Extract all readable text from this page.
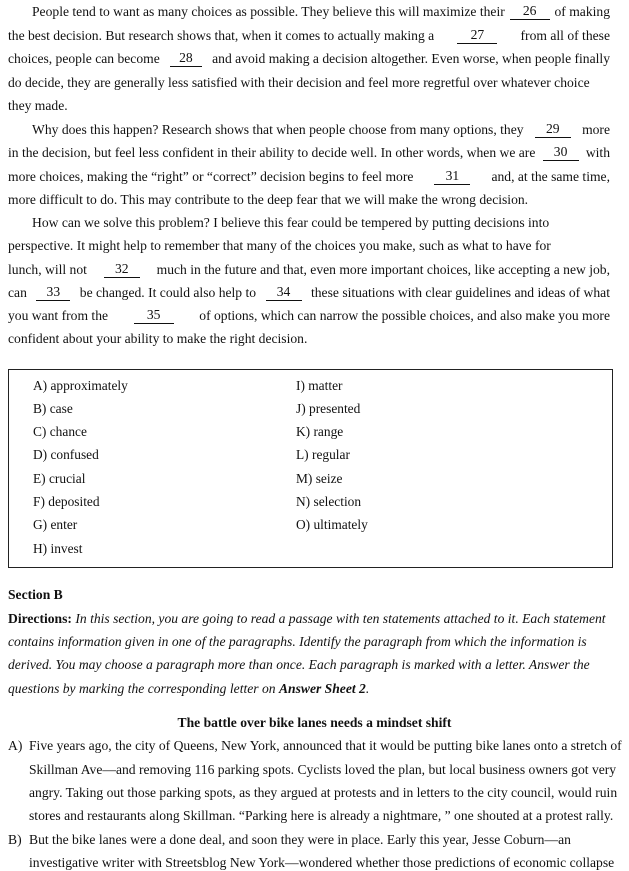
People tend to want as many choices as possible. They believe this will maximize their	26	of making
the best decision. But research shows that, when it comes to actually making a	27	from all of these
choices, people can become	28	and avoid making a decision altogether. Even worse, when people finally
do decide, they are generally less satisfied with their decision and feel more regretful over whatever choice
they made.
Why does this happen? Research shows that when people choose from many options, they	29	more
in the decision, but feel less confident in their ability to decide well. In other words, when we are	30	with
more choices, making the “right” or “correct” decision begins to feel more	31	and, at the same time,
more difficult to do. This may contribute to the deep fear that we will make the wrong decision.
How can we solve this problem? I believe this fear could be tempered by putting decisions into
perspective. It might help to remember that many of the choices you make, such as what to have for
lunch, will not	32	much in the future and that, even more important choices, like accepting a new job,
can	33	be changed. It could also help to	34	these situations with clear guidelines and ideas of what
you want from the	35	of options, which can narrow the possible choices, and also make you more
confident about your ability to make the right decision.
A) approximately
B) case
C) chance
D) confused
E) crucial
F) deposited
G) enter
H) invest
I) matter
J) presented
K) range
L) regular
M) seize
N) selection
O) ultimately
Section B
Directions: In this section, you are going to read a passage with ten statements attached to it. Each statement
contains information given in one of the paragraphs. Identify the paragraph from which the information is
derived. You may choose a paragraph more than once. Each paragraph is marked with a letter. Answer the
questions by marking the corresponding letter on Answer Sheet 2.
The battle over bike lanes needs a mindset shift
A) Five years ago, the city of Queens, New York, announced that it would be putting bike lanes onto a stretch of
Skillman Ave—and removing 116 parking spots. Cyclists loved the plan, but local business owners got very
angry. Taking out those parking spots, as they argued at protests and in letters to the city council, would ruin
stores and restaurants along Skillman. “Parking here is already a nightmare, ” one shouted at a protest rally.
B) But the bike lanes were a done deal, and soon they were in place. Early this year, Jesse Coburn—an
investigative writer with Streetsblog New York—wondered whether those predictions of economic collapse
